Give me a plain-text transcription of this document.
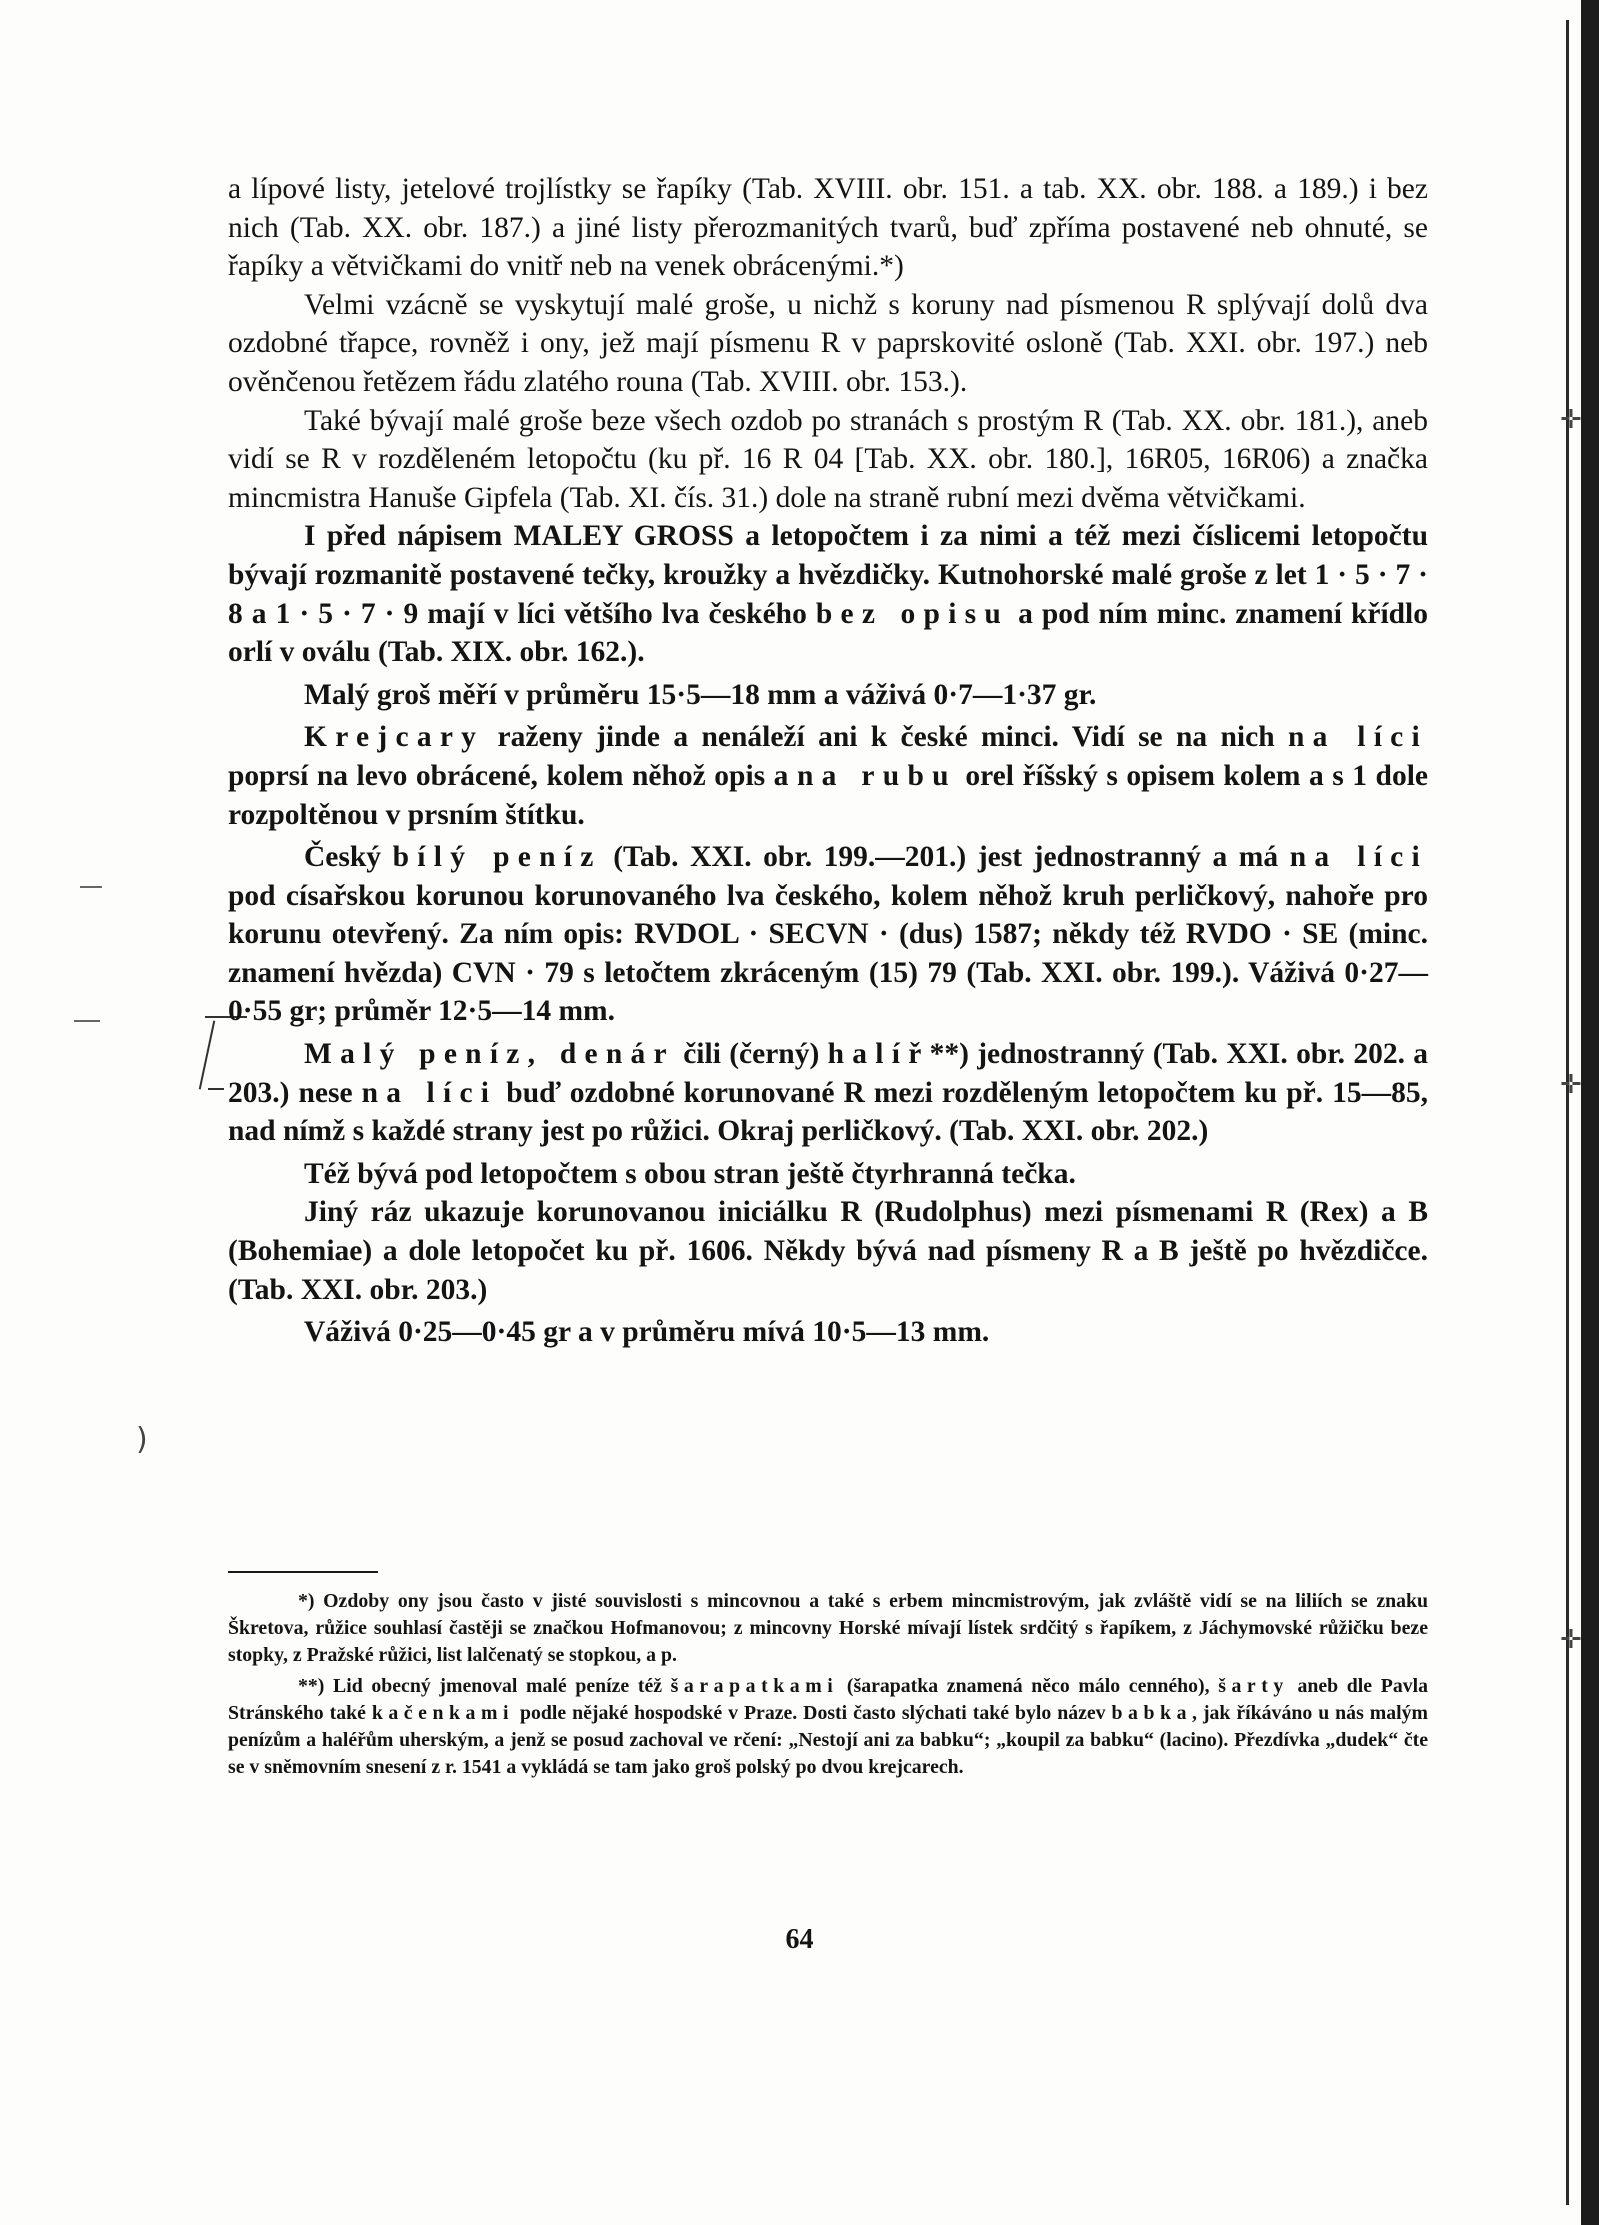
)
✛
✛
✛

a lípové listy, jetelové trojlístky se řapíky (Tab. XVIII. obr. 151. a tab. XX. obr. 188. a 189.) i bez nich (Tab. XX. obr. 187.) a jiné listy přerozmanitých tvarů, buď zpříma postavené neb ohnuté, se řapíky a větvičkami do vnitř neb na venek obrácenými.*)

Velmi vzácně se vyskytují malé groše, u nichž s koruny nad písmenou R splývají dolů dva ozdobné třapce, rovněž i ony, jež mají písmenu R v paprskovité osloně (Tab. XXI. obr. 197.) neb ověnčenou řetězem řádu zlatého rouna (Tab. XVIII. obr. 153.).

Také bývají malé groše beze všech ozdob po stranách s prostým R (Tab. XX. obr. 181.), aneb vidí se R v rozděleném letopočtu (ku př. 16 R 04 [Tab. XX. obr. 180.], 16R05, 16R06) a značka mincmistra Hanuše Gipfela (Tab. XI. čís. 31.) dole na straně rubní mezi dvěma větvičkami.

I před nápisem MALEY GROSS a letopočtem i za nimi a též mezi číslicemi letopočtu bývají rozmanitě postavené tečky, kroužky a hvězdičky. Kutnohorské malé groše z let 1 · 5 · 7 · 8 a 1 · 5 · 7 · 9 mají v líci většího lva českého bez opisu a pod ním minc. znamení křídlo orlí v oválu (Tab. XIX. obr. 162.).

Malý groš měří v průměru 15·5—18 mm a váživá 0·7—1·37 gr.

Krejcary raženy jinde a nenáleží ani k české minci. Vidí se na nich na líci poprsí na levo obrácené, kolem něhož opis a na rubu orel říšský s opisem kolem a s 1 dole rozpoltěnou v prsním štítku.

Český bílý peníz (Tab. XXI. obr. 199.—201.) jest jednostranný a má na líci pod císařskou korunou korunovaného lva českého, kolem něhož kruh perličkový, nahoře pro korunu otevřený. Za ním opis: RVDOL · SECVN · (dus) 1587; někdy též RVDO · SE (minc. znamení hvězda) CVN · 79 s letočtem zkráceným (15) 79 (Tab. XXI. obr. 199.). Váživá 0·27—0·55 gr; průměr 12·5—14 mm.

Malý peníz, denár čili (černý) halíř**) jednostranný (Tab. XXI. obr. 202. a 203.) nese na líci buď ozdobné korunované R mezi rozděleným letopočtem ku př. 15—85, nad nímž s každé strany jest po růžici. Okraj perličkový. (Tab. XXI. obr. 202.)

Též bývá pod letopočtem s obou stran ještě čtyrhranná tečka.

Jiný ráz ukazuje korunovanou iniciálku R (Rudolphus) mezi písmenami R (Rex) a B (Bohemiae) a dole letopočet ku př. 1606. Někdy bývá nad písmeny R a B ještě po hvězdičce. (Tab. XXI. obr. 203.)

Váživá 0·25—0·45 gr a v průměru mívá 10·5—13 mm.

*) Ozdoby ony jsou často v jisté souvislosti s mincovnou a také s erbem mincmistrovým, jak zvláště vidí se na liliích se znaku Škretova, růžice souhlasí častěji se značkou Hofmanovou; z mincovny Horské mívají lístek srdčitý s řapíkem, z Jáchymovské růžičku beze stopky, z Pražské růžici, list lalčenatý se stopkou, a p.

**) Lid obecný jmenoval malé peníze též šarapatkami (šarapatka znamená něco málo cenného), šarty aneb dle Pavla Stránského také kačenkami podle nějaké hospodské v Praze. Dosti často slýchati také bylo název babka, jak říkáváno u nás malým penízům a haléřům uherským, a jenž se posud zachoval ve rčení: „Nestojí ani za babku“; „koupil za babku“ (lacino). Přezdívka „dudek“ čte se v sněmovním snesení z r. 1541 a vykládá se tam jako groš polský po dvou krejcarech.

64
